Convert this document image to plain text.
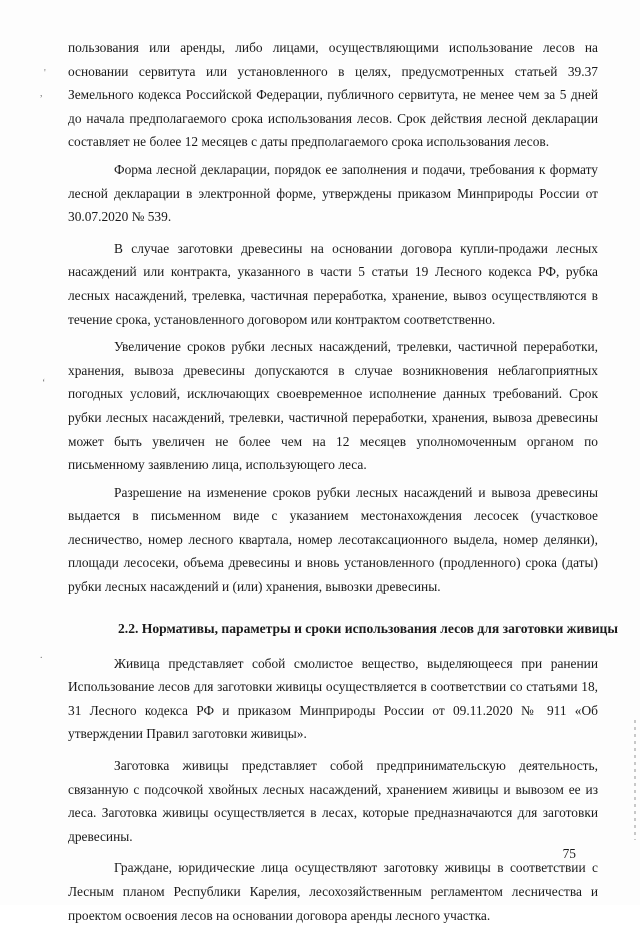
'
,
‘
.

пользования или аренды, либо лицами, осуществляющими использование лесов на основании сервитута или установленного в целях, предусмотренных статьей 39.37 Земельного кодекса Российской Федерации, публичного сервитута, не менее чем за 5 дней до начала предполагаемого срока использования лесов. Срок действия лесной декларации составляет не более 12 месяцев с даты предполагаемого срока использования лесов.

Форма лесной декларации, порядок ее заполнения и подачи, требования к формату лесной декларации в электронной форме, утверждены приказом Минприроды России от 30.07.2020 № 539.

В случае заготовки древесины на основании договора купли-продажи лесных насаждений или контракта, указанного в части 5 статьи 19 Лесного кодекса РФ, рубка лесных насаждений, трелевка, частичная переработка, хранение, вывоз осуществляются в течение срока, установленного договором или контрактом соответственно.

Увеличение сроков рубки лесных насаждений, трелевки, частичной переработки, хранения, вывоза древесины допускаются в случае возникновения неблагоприятных погодных условий, исключающих своевременное исполнение данных требований. Срок рубки лесных насаждений, трелевки, частичной переработки, хранения, вывоза древесины может быть увеличен не более чем на 12 месяцев уполномоченным органом по письменному заявлению лица, использующего леса.

Разрешение на изменение сроков рубки лесных насаждений и вывоза древесины выдается в письменном виде с указанием местонахождения лесосек (участковое лесничество, номер лесного квартала, номер лесотаксационного выдела, номер делянки), площади лесосеки, объема древесины и вновь установленного (продленного) срока (даты) рубки лесных насаждений и (или) хранения, вывозки древесины.

2.2. Нормативы, параметры и сроки использования лесов для заготовки живицы

Живица представляет собой смолистое вещество, выделяющееся при ранении Использование лесов для заготовки живицы осуществляется в соответствии со статьями 18, 31 Лесного кодекса РФ и приказом Минприроды России от 09.11.2020 № 911 «Об утверждении Правил заготовки живицы».

Заготовка живицы представляет собой предпринимательскую деятельность, связанную с подсочкой хвойных лесных насаждений, хранением живицы и вывозом ее из леса. Заготовка живицы осуществляется в лесах, которые предназначаются для заготовки древесины.

Граждане, юридические лица осуществляют заготовку живицы в соответствии с Лесным планом Республики Карелия, лесохозяйственным регламентом лесничества и проектом освоения лесов на основании договора аренды лесного участка.

75
